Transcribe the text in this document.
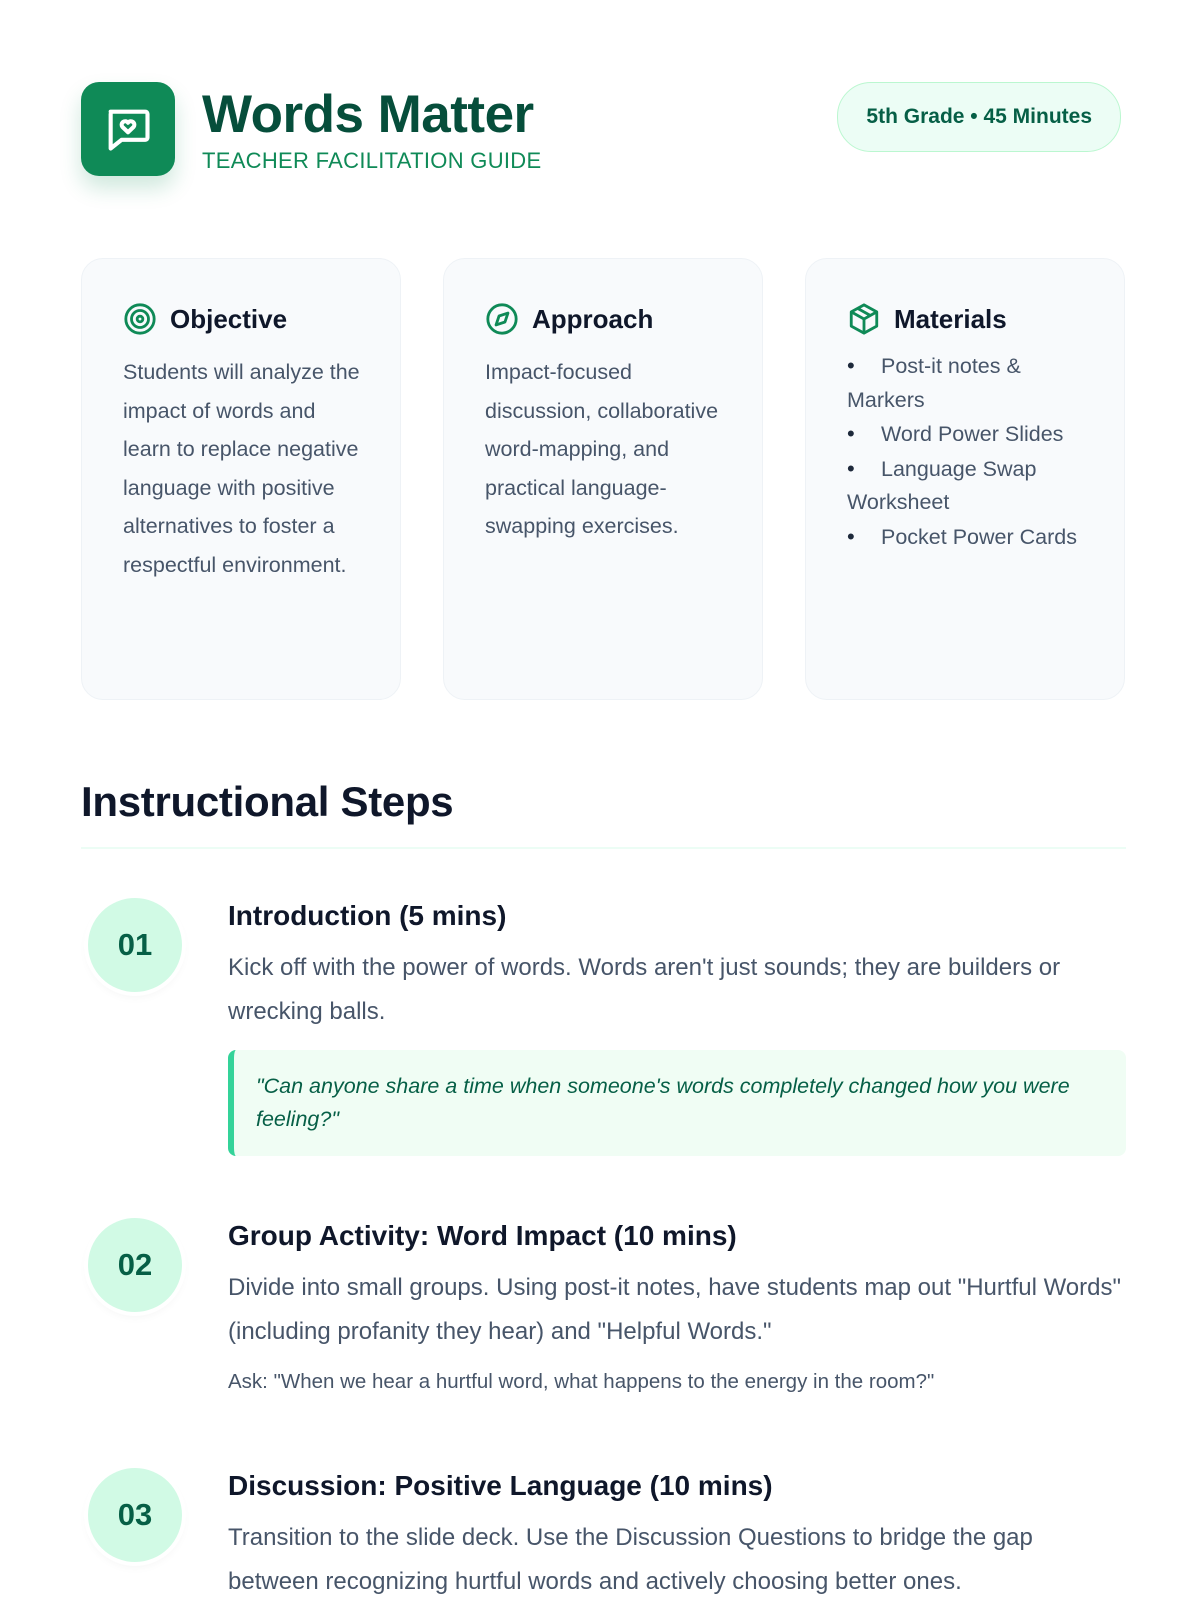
Words Matter
TEACHER FACILITATION GUIDE
5th Grade • 45 Minutes
Objective
Students will analyze the impact of words and learn to replace negative language with positive alternatives to foster a respectful environment.
Approach
Impact-focused discussion, collaborative word-mapping, and practical language-swapping exercises.
Materials
• Post-it notes & Markers
• Word Power Slides
• Language Swap Worksheet
• Pocket Power Cards
Instructional Steps
01
Introduction (5 mins)
Kick off with the power of words. Words aren't just sounds; they are builders or wrecking balls.
"Can anyone share a time when someone's words completely changed how you were feeling?"
02
Group Activity: Word Impact (10 mins)
Divide into small groups. Using post-it notes, have students map out "Hurtful Words" (including profanity they hear) and "Helpful Words."
Ask: "When we hear a hurtful word, what happens to the energy in the room?"
03
Discussion: Positive Language (10 mins)
Transition to the slide deck. Use the Discussion Questions to bridge the gap between recognizing hurtful words and actively choosing better ones.
